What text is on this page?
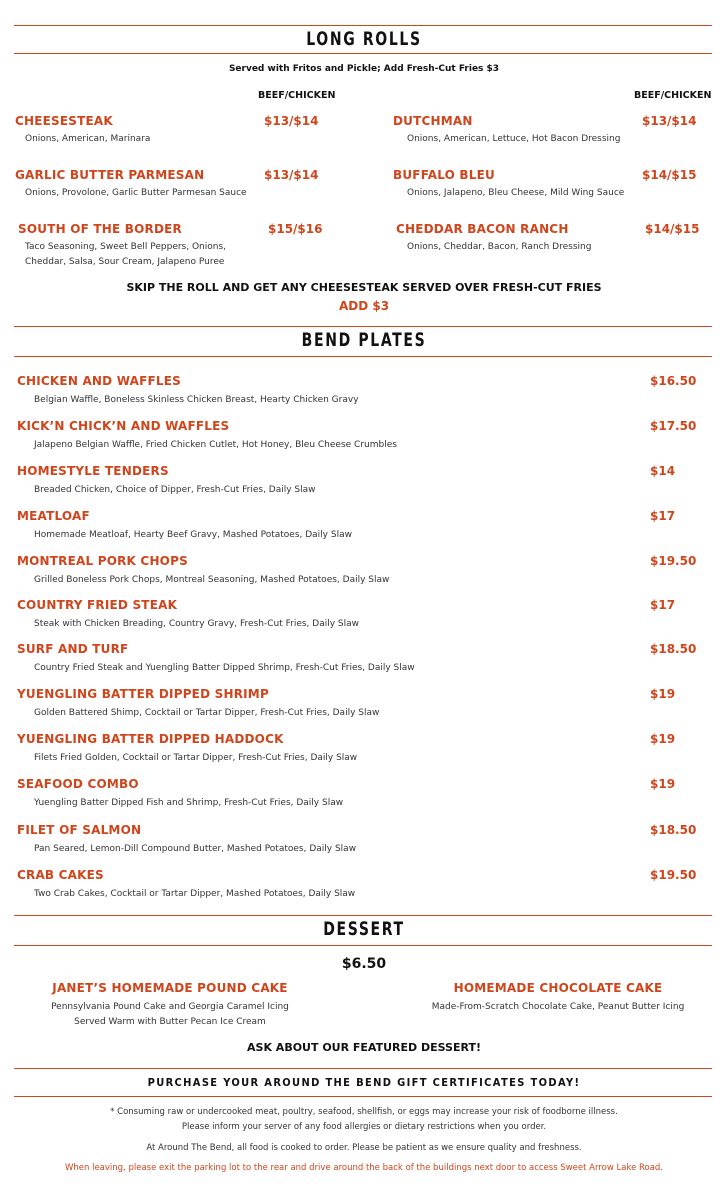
LONG ROLLS
Served with Fritos and Pickle; Add Fresh-Cut Fries $3
BEEF/CHICKEN	BEEF/CHICKEN
CHEESESTEAK	$13/$14
Onions, American, Marinara
DUTCHMAN	$13/$14
Onions, American, Lettuce, Hot Bacon Dressing
GARLIC BUTTER PARMESAN	$13/$14
Onions, Provolone, Garlic Butter Parmesan Sauce
BUFFALO BLEU	$14/$15
Onions, Jalapeno, Bleu Cheese, Mild Wing Sauce
SOUTH OF THE BORDER	$15/$16
Taco Seasoning, Sweet Bell Peppers, Onions,
Cheddar, Salsa, Sour Cream, Jalapeno Puree
CHEDDAR BACON RANCH	$14/$15
Onions, Cheddar, Bacon, Ranch Dressing
SKIP THE ROLL AND GET ANY CHEESESTEAK SERVED OVER FRESH-CUT FRIES
ADD $3
BEND PLATES
CHICKEN AND WAFFLES	$16.50
Belgian Waffle, Boneless Skinless Chicken Breast, Hearty Chicken Gravy
KICK’N CHICK’N AND WAFFLES	$17.50
Jalapeno Belgian Waffle, Fried Chicken Cutlet, Hot Honey, Bleu Cheese Crumbles
HOMESTYLE TENDERS	$14
Breaded Chicken, Choice of Dipper, Fresh-Cut Fries, Daily Slaw
MEATLOAF	$17
Homemade Meatloaf, Hearty Beef Gravy, Mashed Potatoes, Daily Slaw
MONTREAL PORK CHOPS	$19.50
Grilled Boneless Pork Chops, Montreal Seasoning, Mashed Potatoes, Daily Slaw
COUNTRY FRIED STEAK	$17
Steak with Chicken Breading, Country Gravy, Fresh-Cut Fries, Daily Slaw
SURF AND TURF	$18.50
Country Fried Steak and Yuengling Batter Dipped Shrimp, Fresh-Cut Fries, Daily Slaw
YUENGLING BATTER DIPPED SHRIMP	$19
Golden Battered Shimp, Cocktail or Tartar Dipper, Fresh-Cut Fries, Daily Slaw
YUENGLING BATTER DIPPED HADDOCK	$19
Filets Fried Golden, Cocktail or Tartar Dipper, Fresh-Cut Fries, Daily Slaw
SEAFOOD COMBO	$19
Yuengling Batter Dipped Fish and Shrimp, Fresh-Cut Fries, Daily Slaw
FILET OF SALMON	$18.50
Pan Seared, Lemon-Dill Compound Butter, Mashed Potatoes, Daily Slaw
CRAB CAKES	$19.50
Two Crab Cakes, Cocktail or Tartar Dipper, Mashed Potatoes, Daily Slaw
DESSERT
$6.50
JANET’S HOMEMADE POUND CAKE
Pennsylvania Pound Cake and Georgia Caramel Icing
Served Warm with Butter Pecan Ice Cream
HOMEMADE CHOCOLATE CAKE
Made-From-Scratch Chocolate Cake, Peanut Butter Icing
ASK ABOUT OUR FEATURED DESSERT!
PURCHASE YOUR AROUND THE BEND GIFT CERTIFICATES TODAY!
* Consuming raw or undercooked meat, poultry, seafood, shellfish, or eggs may increase your risk of foodborne illness.
Please inform your server of any food allergies or dietary restrictions when you order.
At Around The Bend, all food is cooked to order. Please be patient as we ensure quality and freshness.
When leaving, please exit the parking lot to the rear and drive around the back of the buildings next door to access Sweet Arrow Lake Road.
